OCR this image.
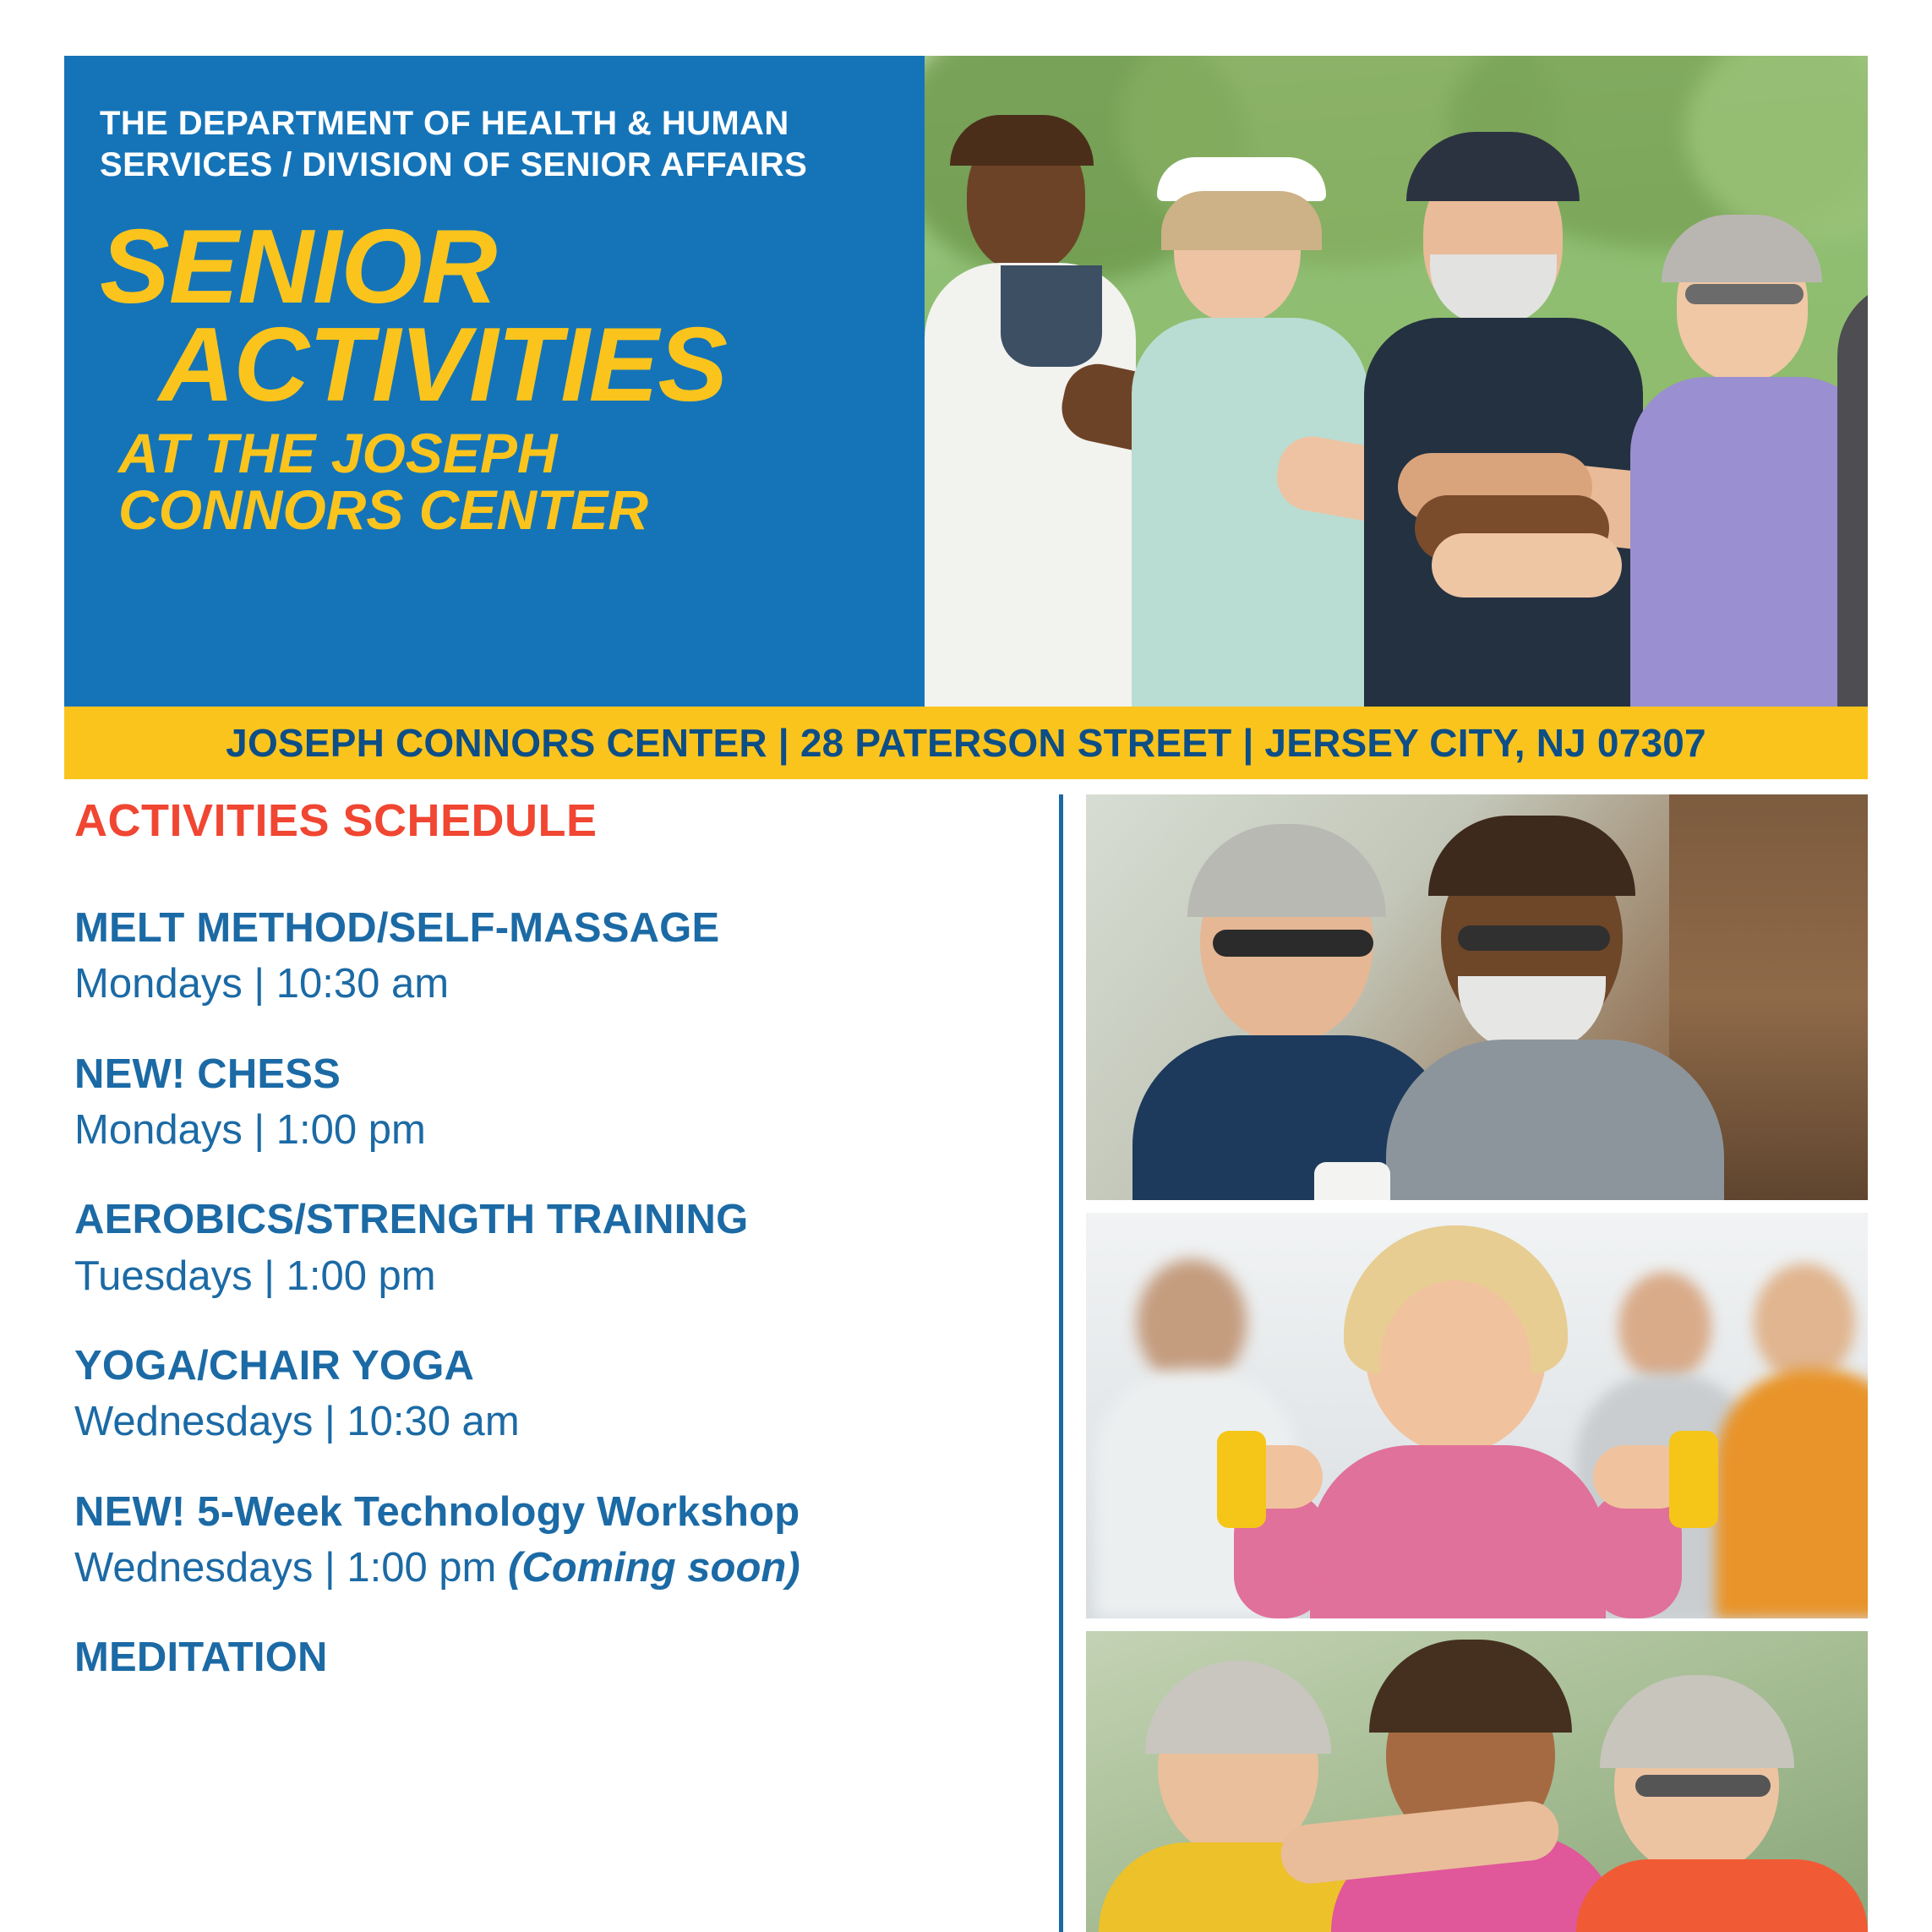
THE DEPARTMENT OF HEALTH & HUMAN SERVICES / DIVISION OF SENIOR AFFAIRS
SENIOR
ACTIVITIES
AT THE JOSEPH
CONNORS CENTER
JOSEPH CONNORS CENTER | 28 PATERSON STREET | JERSEY CITY, NJ 07307
ACTIVITIES SCHEDULE
MELT METHOD/SELF-MASSAGE
Mondays | 10:30 am
NEW! CHESS
Mondays | 1:00 pm
AEROBICS/STRENGTH TRAINING
Tuesdays | 1:00 pm
YOGA/CHAIR YOGA
Wednesdays | 10:30 am
NEW! 5-Week Technology Workshop
Wednesdays | 1:00 pm (Coming soon)
MEDITATION
